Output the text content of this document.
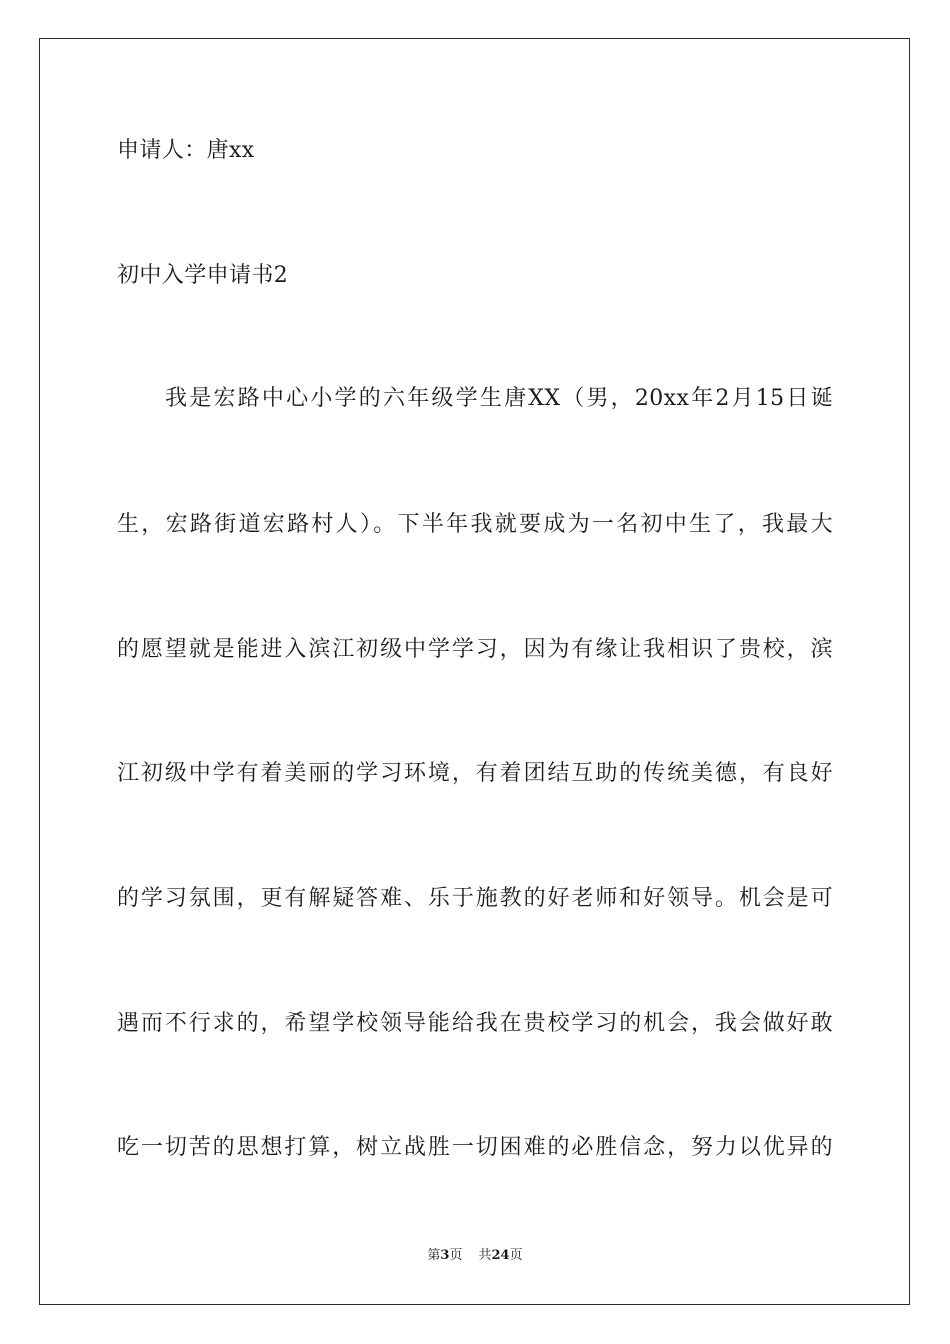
申请人：唐xx
初中入学申请书2
我是宏路中心小学的六年级学生唐XX（男，20xx年2月15日诞
生，宏路街道宏路村人）。下半年我就要成为一名初中生了，我最大
的愿望就是能进入滨江初级中学学习，因为有缘让我相识了贵校，滨
江初级中学有着美丽的学习环境，有着团结互助的传统美德，有良好
的学习氛围，更有解疑答难、乐于施教的好老师和好领导。机会是可
遇而不行求的，希望学校领导能给我在贵校学习的机会，我会做好敢
吃一切苦的思想打算，树立战胜一切困难的必胜信念，努力以优异的
第3页 共24页
